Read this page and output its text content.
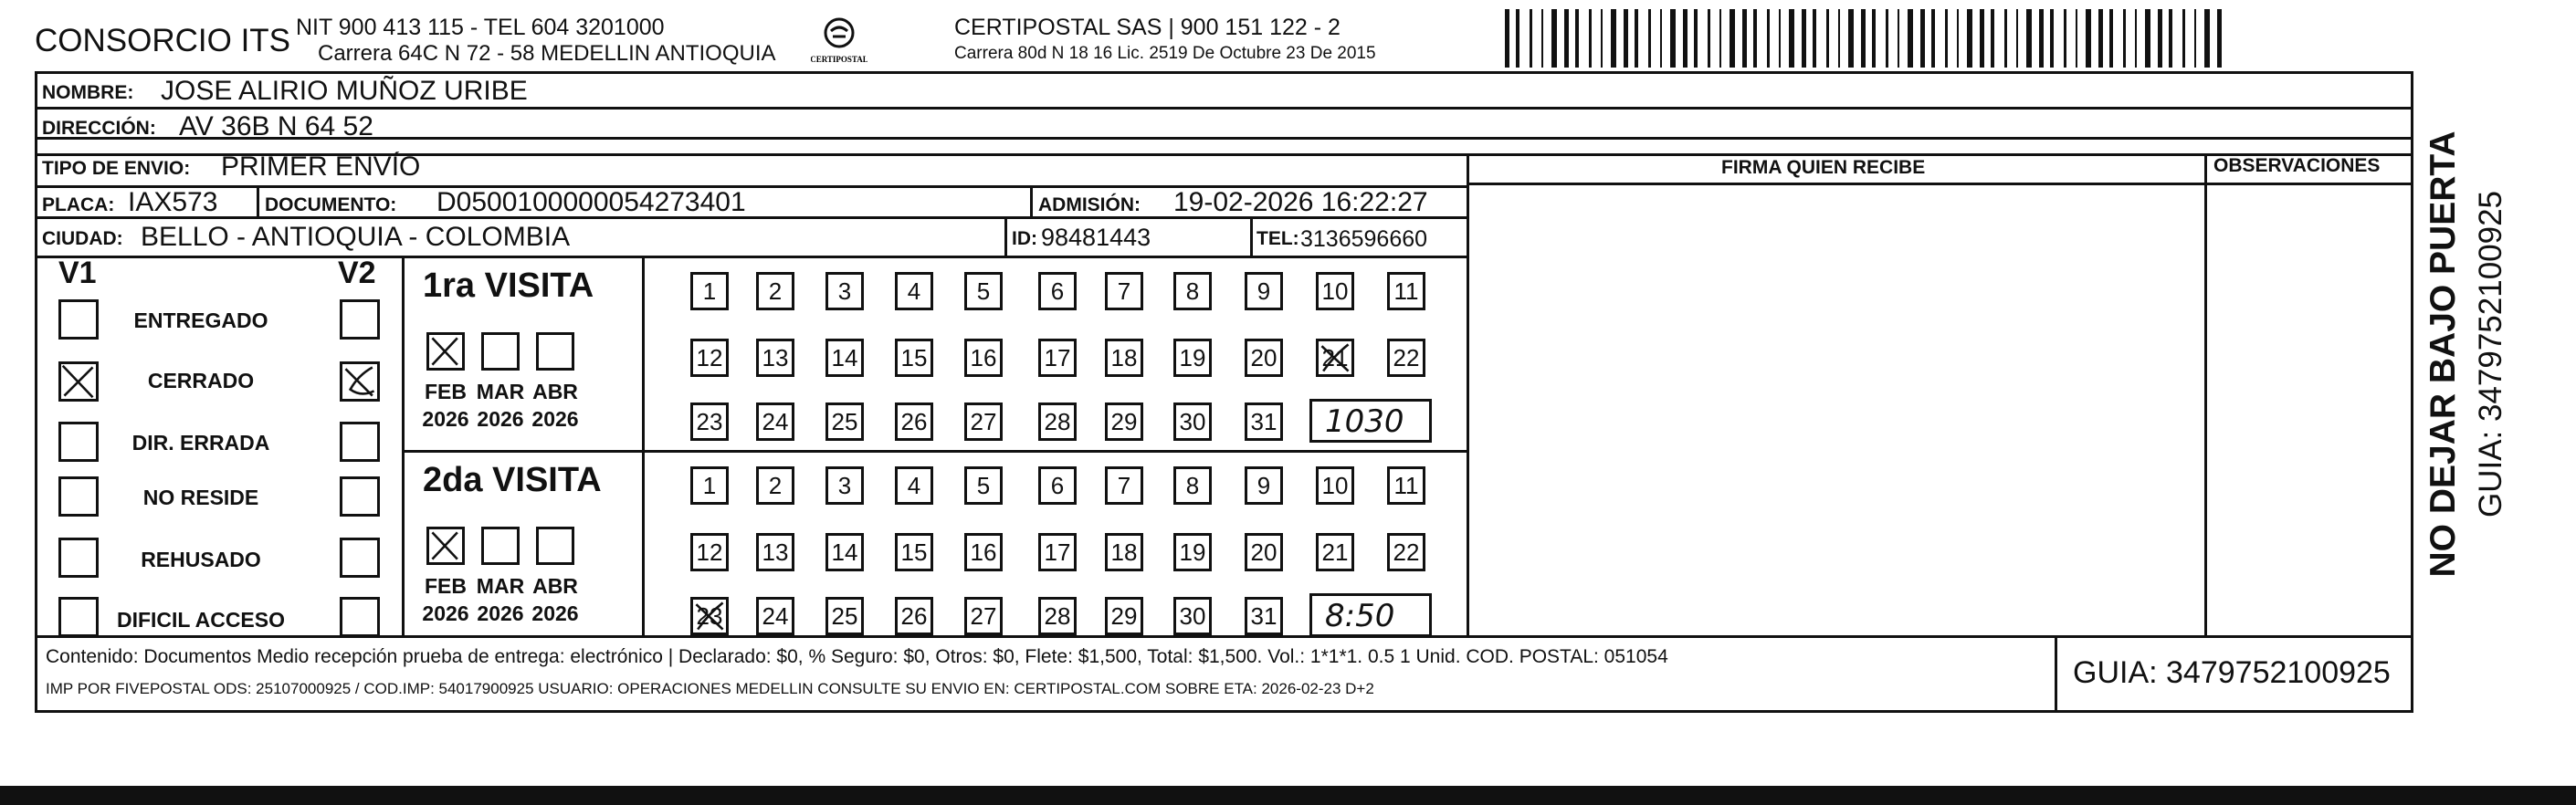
CONSORCIO ITS NIT 900 413 115 - TEL 604 3201000
Carrera 64C N 72 - 58 MEDELLIN ANTIOQUIA	CERTIPOSTAL
CERTIPOSTAL SAS | 900 151 122 - 2
Carrera 80d N 18 16 Lic. 2519 De Octubre 23 De 2015
NOMBRE: JOSE ALIRIO MUÑOZ URIBE
DIRECCIÓN: AV 36B N 64 52
TIPO DE ENVIO: PRIMER ENVÍO
PLACA: IAX573 DOCUMENTO: D0500100000054273401	ADMISIÓN: 19-02-2026 16:22:27
CIUDAD: BELLO - ANTIOQUIA - COLOMBIA	ID: 98481443	TEL: 3136596660
FIRMA QUIEN RECIBE	OBSERVACIONES
V1	V2
ENTREGADO
CERRADO
DIR. ERRADA
NO RESIDE
REHUSADO
DIFICIL ACCESO
1ra VISITA
FEB
2026
MAR
2026
ABR
2026
1 2 3 4 5	6 7 8 9 10 11
12 13 14 15 16 17 18 19 20 21 22
23 24 25 26 27 28 29 30 31 1030
2da VISITA
FEB
2026
MAR
2026
ABR
2026
1 2 3 4 5	6 7 8 9 10 11
12 13 14 15 16 17 18 19 20 21 22
23 24 25 26 27 28 29 30 31 8:50
Contenido: Documentos Medio recepción prueba de entrega: electrónico | Declarado: $0, % Seguro: $0, Otros: $0, Flete: $1,500, Total: $1,500. Vol.: 1*1*1. 0.5 1 Unid. COD. POSTAL: 051054
IMP POR FIVEPOSTAL ODS: 25107000925 / COD.IMP: 54017900925 USUARIO: OPERACIONES MEDELLIN CONSULTE SU ENVIO EN: CERTIPOSTAL.COM SOBRE ETA: 2026-02-23 D+2	GUIA: 3479752100925
NO DEJAR BAJO PUERTA GUIA: 3479752100925
